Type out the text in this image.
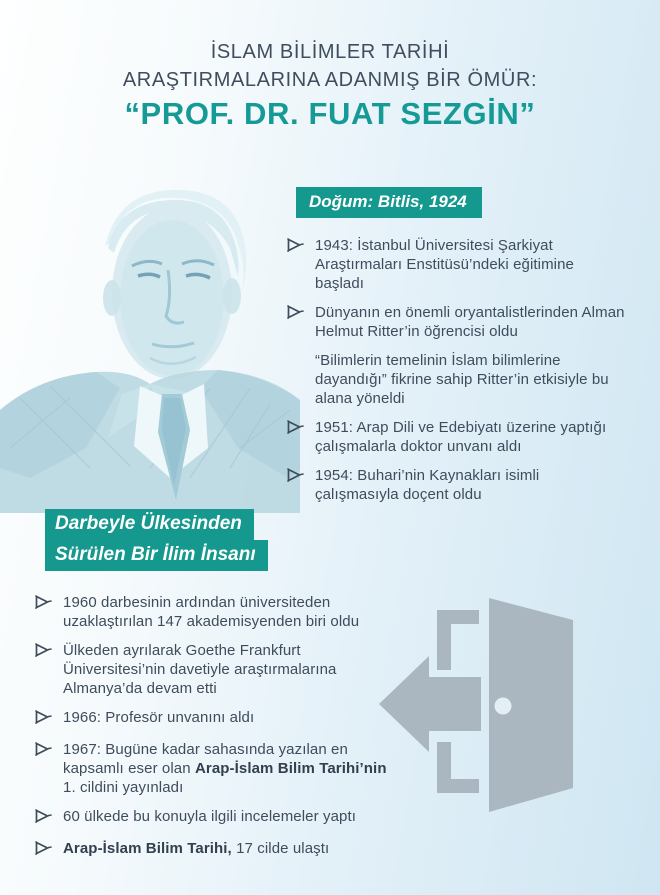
İSLAM BİLİMLER TARİHİ

ARAŞTIRMALARINA ADANMIŞ BİR ÖMÜR:

“PROF. DR. FUAT SEZGİN”

Doğum: Bitlis, 1924

1943: İstanbul Üniversitesi Şarkiyat Araştırmaları Enstitüsü’ndeki eğitimine başladı

Dünyanın en önemli oryantalistlerinden Alman Helmut Ritter’in öğrencisi oldu

“Bilimlerin temelinin İslam bilimlerine dayandığı” fikrine sahip Ritter’in etkisiyle bu alana yöneldi

1951: Arap Dili ve Edebiyatı üzerine yaptığı çalışmalarla doktor unvanı aldı

1954: Buhari’nin Kaynakları isimli çalışmasıyla doçent oldu

Darbeyle Ülkesinden
Sürülen Bir İlim İnsanı

1960 darbesinin ardından üniversiteden uzaklaştırılan 147 akademisyenden biri oldu

Ülkeden ayrılarak Goethe Frankfurt Üniversitesi’nin davetiyle araştırmalarına Almanya’da devam etti

1966: Profesör unvanını aldı

1967: Bugüne kadar sahasında yazılan en kapsamlı eser olan Arap-İslam Bilim Tarihi’nin 1. cildini yayınladı

60 ülkede bu konuyla ilgili incelemeler yaptı

Arap-İslam Bilim Tarihi, 17 cilde ulaştı
